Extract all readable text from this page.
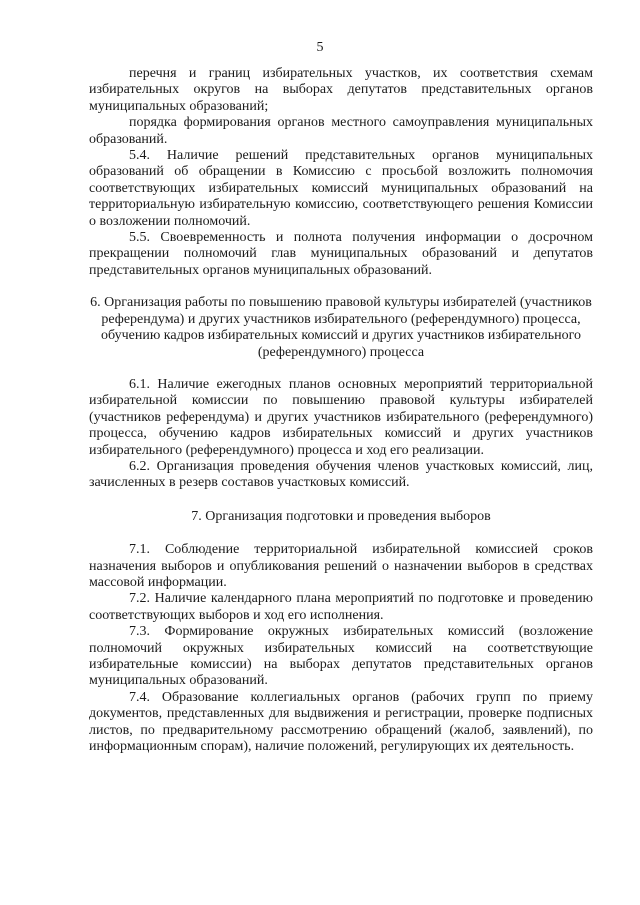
5

перечня и границ избирательных участков, их соответствия схемам избирательных округов на выборах депутатов представительных органов муниципальных образований;

порядка формирования органов местного самоуправления муниципальных образований.

5.4. Наличие решений представительных органов муниципальных образований об обращении в Комиссию с просьбой возложить полномочия соответствующих избирательных комиссий муниципальных образований на территориальную избирательную комиссию, соответствующего решения Комиссии о возложении полномочий.

5.5. Своевременность и полнота получения информации о досрочном прекращении полномочий глав муниципальных образований и депутатов представительных органов муниципальных образований.

6. Организация работы по повышению правовой культуры избирателей (участников референдума) и других участников избирательного (референдумного) процесса, обучению кадров избирательных комиссий и других участников избирательного (референдумного) процесса

6.1. Наличие ежегодных планов основных мероприятий территориальной избирательной комиссии по повышению правовой культуры избирателей (участников референдума) и других участников избирательного (референдумного) процесса, обучению кадров избирательных комиссий и других участников избирательного (референдумного) процесса и ход его реализации.

6.2. Организация проведения обучения членов участковых комиссий, лиц, зачисленных в резерв составов участковых комиссий.

7. Организация подготовки и проведения выборов

7.1. Соблюдение территориальной избирательной комиссией сроков назначения выборов и опубликования решений о назначении выборов в средствах массовой информации.

7.2. Наличие календарного плана мероприятий по подготовке и проведению соответствующих выборов и ход его исполнения.

7.3. Формирование окружных избирательных комиссий (возложение полномочий окружных избирательных комиссий на соответствующие избирательные комиссии) на выборах депутатов представительных органов муниципальных образований.

7.4. Образование коллегиальных органов (рабочих групп по приему документов, представленных для выдвижения и регистрации, проверке подписных листов, по предварительному рассмотрению обращений (жалоб, заявлений), по информационным спорам), наличие положений, регулирующих их деятельность.
